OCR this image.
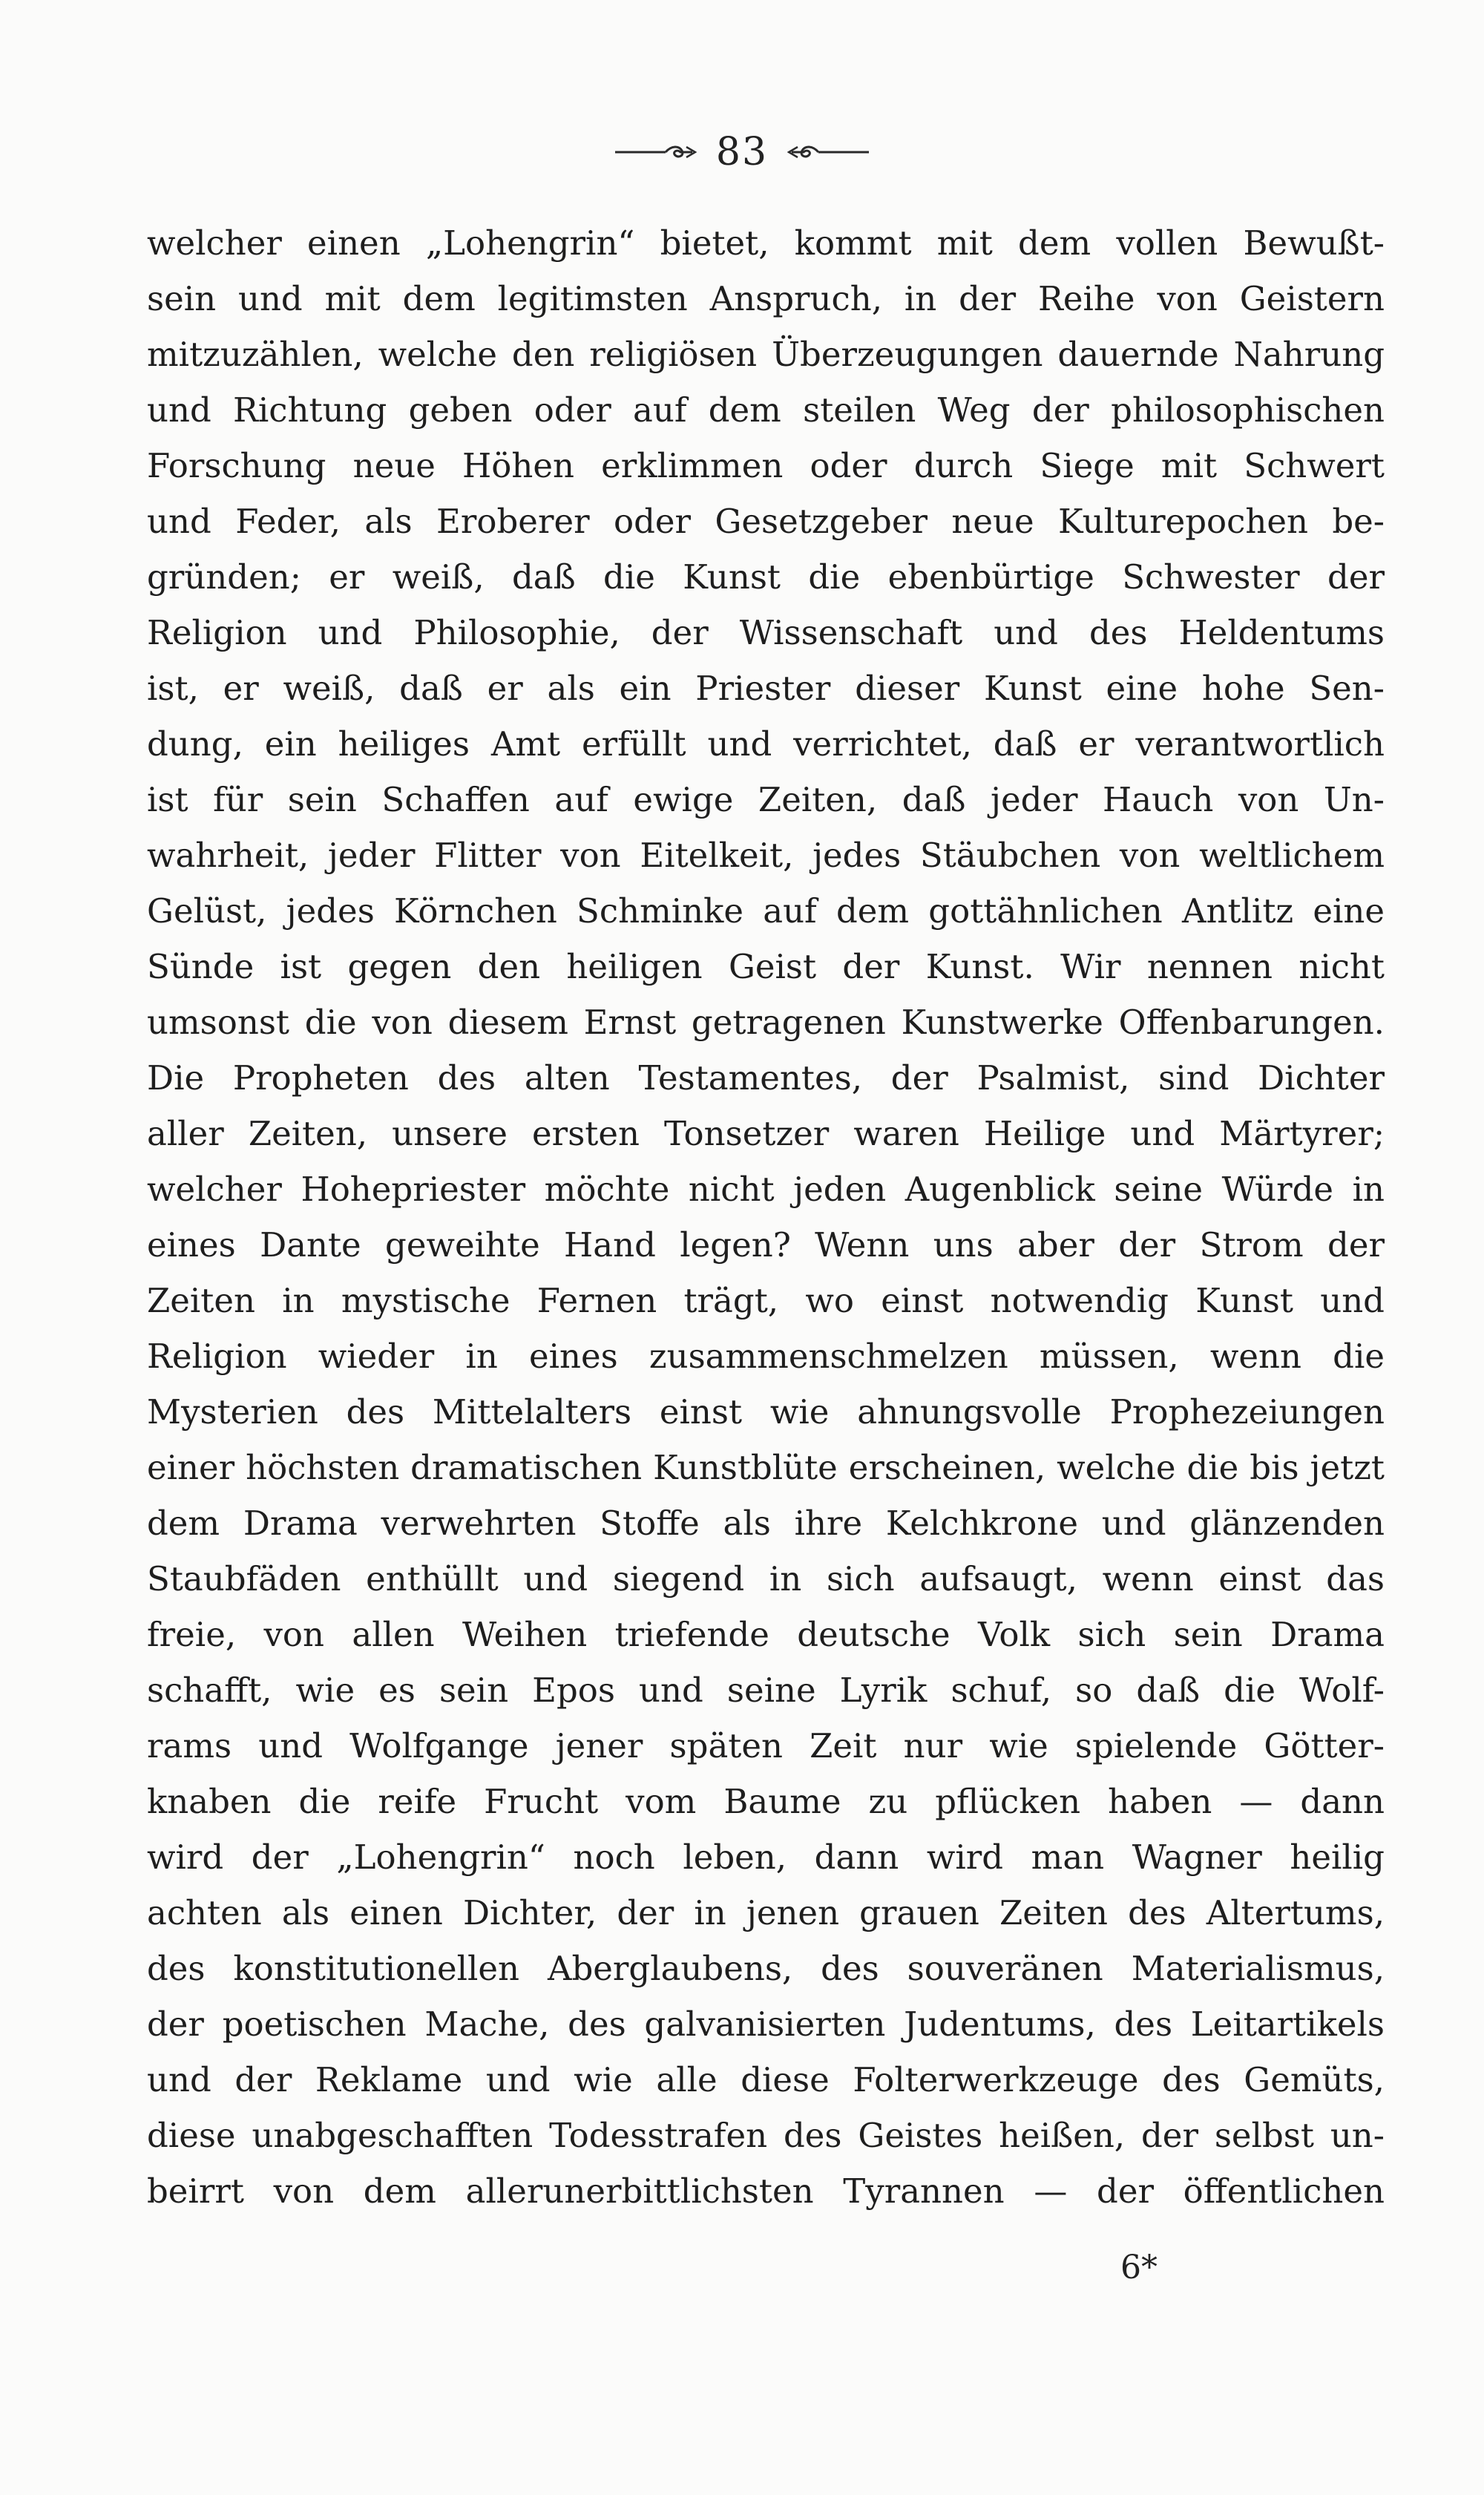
83
welcher einen „Lohengrin“ bietet, kommt mit dem vollen Bewußt-
sein und mit dem legitimsten Anspruch, in der Reihe von Geistern
mitzuzählen, welche den religiösen Überzeugungen dauernde Nahrung
und Richtung geben oder auf dem steilen Weg der philosophischen
Forschung neue Höhen erklimmen oder durch Siege mit Schwert
und Feder, als Eroberer oder Gesetzgeber neue Kulturepochen be-
gründen; er weiß, daß die Kunst die ebenbürtige Schwester der
Religion und Philosophie, der Wissenschaft und des Heldentums
ist, er weiß, daß er als ein Priester dieser Kunst eine hohe Sen-
dung, ein heiliges Amt erfüllt und verrichtet, daß er verantwortlich
ist für sein Schaffen auf ewige Zeiten, daß jeder Hauch von Un-
wahrheit, jeder Flitter von Eitelkeit, jedes Stäubchen von weltlichem
Gelüst, jedes Körnchen Schminke auf dem gottähnlichen Antlitz eine
Sünde ist gegen den heiligen Geist der Kunst. Wir nennen nicht
umsonst die von diesem Ernst getragenen Kunstwerke Offenbarungen.
Die Propheten des alten Testamentes, der Psalmist, sind Dichter
aller Zeiten, unsere ersten Tonsetzer waren Heilige und Märtyrer;
welcher Hohepriester möchte nicht jeden Augenblick seine Würde in
eines Dante geweihte Hand legen? Wenn uns aber der Strom der
Zeiten in mystische Fernen trägt, wo einst notwendig Kunst und
Religion wieder in eines zusammenschmelzen müssen, wenn die
Mysterien des Mittelalters einst wie ahnungsvolle Prophezeiungen
einer höchsten dramatischen Kunstblüte erscheinen, welche die bis jetzt
dem Drama verwehrten Stoffe als ihre Kelchkrone und glänzenden
Staubfäden enthüllt und siegend in sich aufsaugt, wenn einst das
freie, von allen Weihen triefende deutsche Volk sich sein Drama
schafft, wie es sein Epos und seine Lyrik schuf, so daß die Wolf-
rams und Wolfgange jener späten Zeit nur wie spielende Götter-
knaben die reife Frucht vom Baume zu pflücken haben — dann
wird der „Lohengrin“ noch leben, dann wird man Wagner heilig
achten als einen Dichter, der in jenen grauen Zeiten des Altertums,
des konstitutionellen Aberglaubens, des souveränen Materialismus,
der poetischen Mache, des galvanisierten Judentums, des Leitartikels
und der Reklame und wie alle diese Folterwerkzeuge des Gemüts,
diese unabgeschafften Todesstrafen des Geistes heißen, der selbst un-
beirrt von dem allerunerbittlichsten Tyrannen — der öffentlichen
6*
